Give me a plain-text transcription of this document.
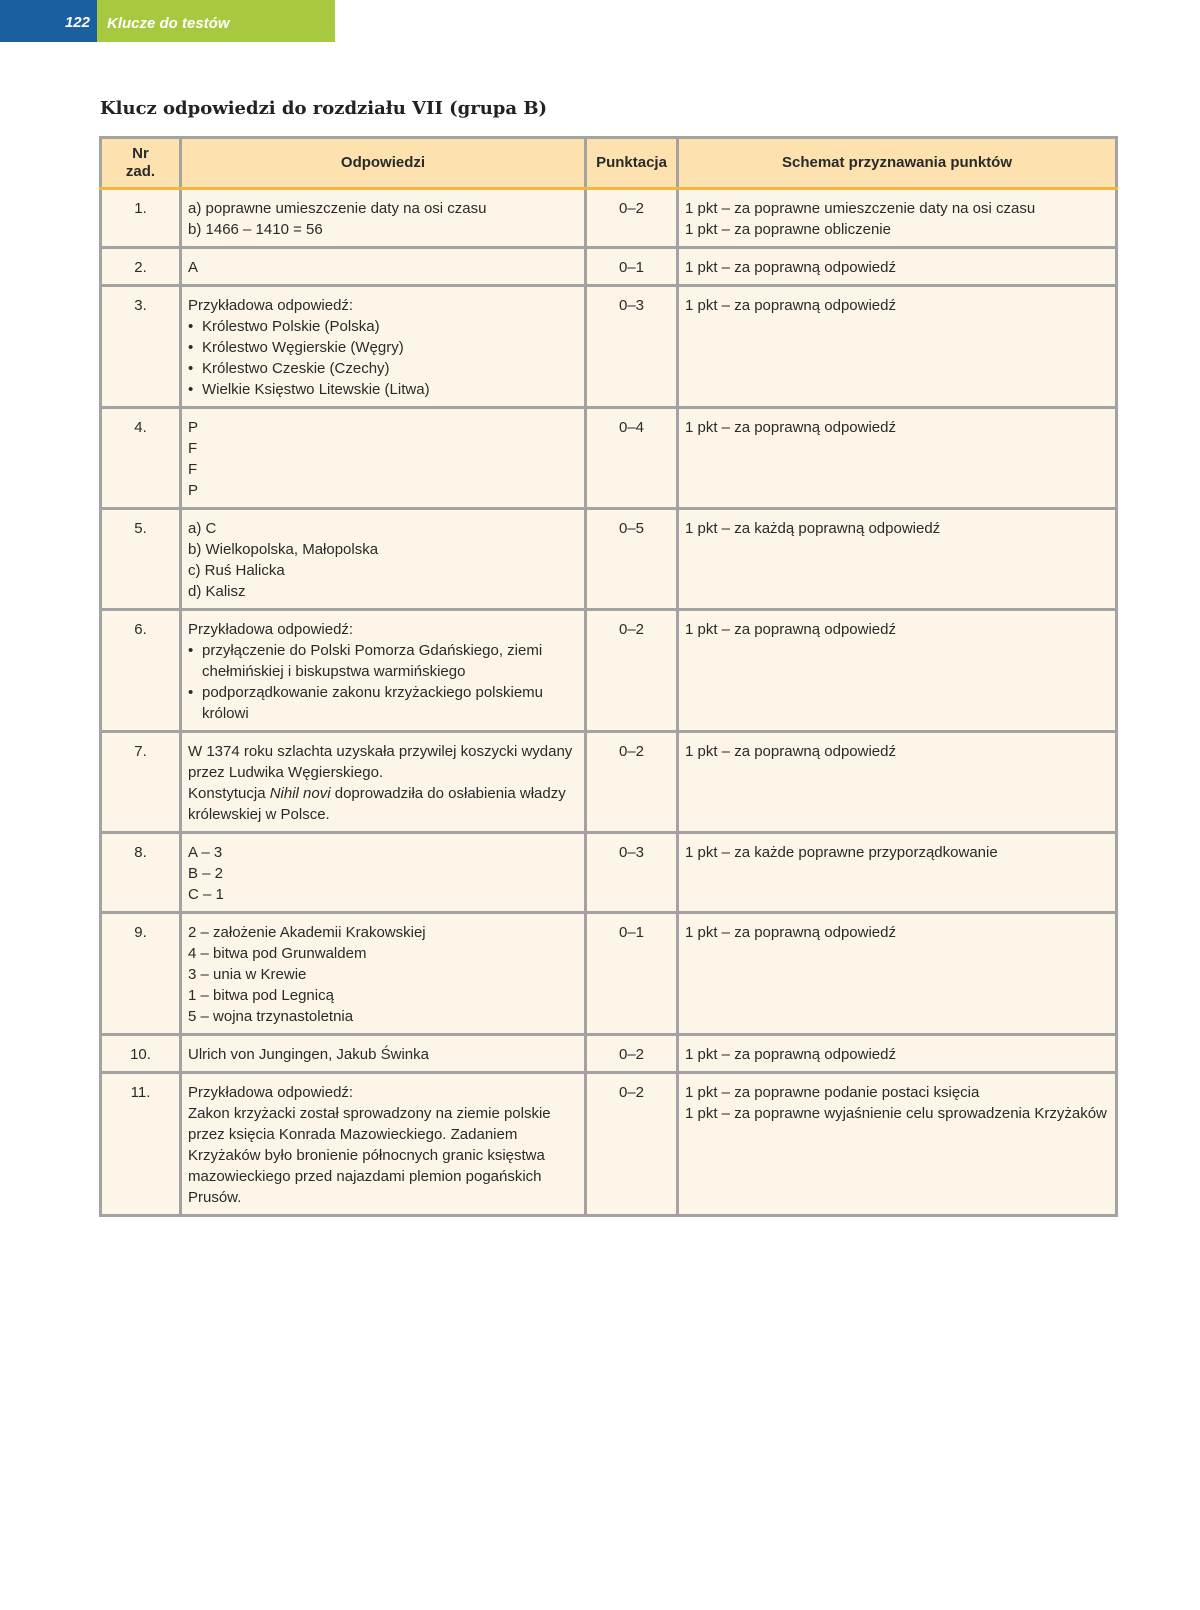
122	Klucze do testów
Klucz odpowiedzi do rozdziału VII (grupa B)
Nr zad.	Odpowiedzi	Punktacja	Schemat przyznawania punktów
1.	a) poprawne umieszczenie daty na osi czasu
b) 1466 – 1410 = 56	0–2	1 pkt – za poprawne umieszczenie daty na osi czasu
1 pkt – za poprawne obliczenie

2.	A	0–1	1 pkt – za poprawną odpowiedź

3.	Przykładowa odpowiedź:
• Królestwo Polskie (Polska)
• Królestwo Węgierskie (Węgry)
• Królestwo Czeskie (Czechy)
• Wielkie Księstwo Litewskie (Litwa)	0–3	1 pkt – za poprawną odpowiedź

4.	P
F
F
P	0–4	1 pkt – za poprawną odpowiedź

5.	a) C
b) Wielkopolska, Małopolska
c) Ruś Halicka
d) Kalisz	0–5	1 pkt – za każdą poprawną odpowiedź

6.	Przykładowa odpowiedź:
• przyłączenie do Polski Pomorza Gdańskiego, ziemi chełmińskiej i biskupstwa warmińskiego
• podporządkowanie zakonu krzyżackiego polskiemu królowi	0–2	1 pkt – za poprawną odpowiedź

7.	W 1374 roku szlachta uzyskała przywilej koszycki wydany przez Ludwika Węgierskiego.
Konstytucja Nihil novi doprowadziła do osłabienia władzy królewskiej w Polsce.	0–2	1 pkt – za poprawną odpowiedź

8.	A – 3
B – 2
C – 1	0–3	1 pkt – za każde poprawne przyporządkowanie

9.	2 – założenie Akademii Krakowskiej
4 – bitwa pod Grunwaldem
3 – unia w Krewie
1 – bitwa pod Legnicą
5 – wojna trzynastoletnia	0–1	1 pkt – za poprawną odpowiedź

10.	Ulrich von Jungingen, Jakub Świnka	0–2	1 pkt – za poprawną odpowiedź

11.	Przykładowa odpowiedź:
Zakon krzyżacki został sprowadzony na ziemie polskie przez księcia Konrada Mazowieckiego. Zadaniem Krzyżaków było bronienie północnych granic księstwa mazowieckiego przed najazdami plemion pogańskich Prusów.	0–2	1 pkt – za poprawne podanie postaci księcia
1 pkt – za poprawne wyjaśnienie celu sprowadzenia Krzyżaków
